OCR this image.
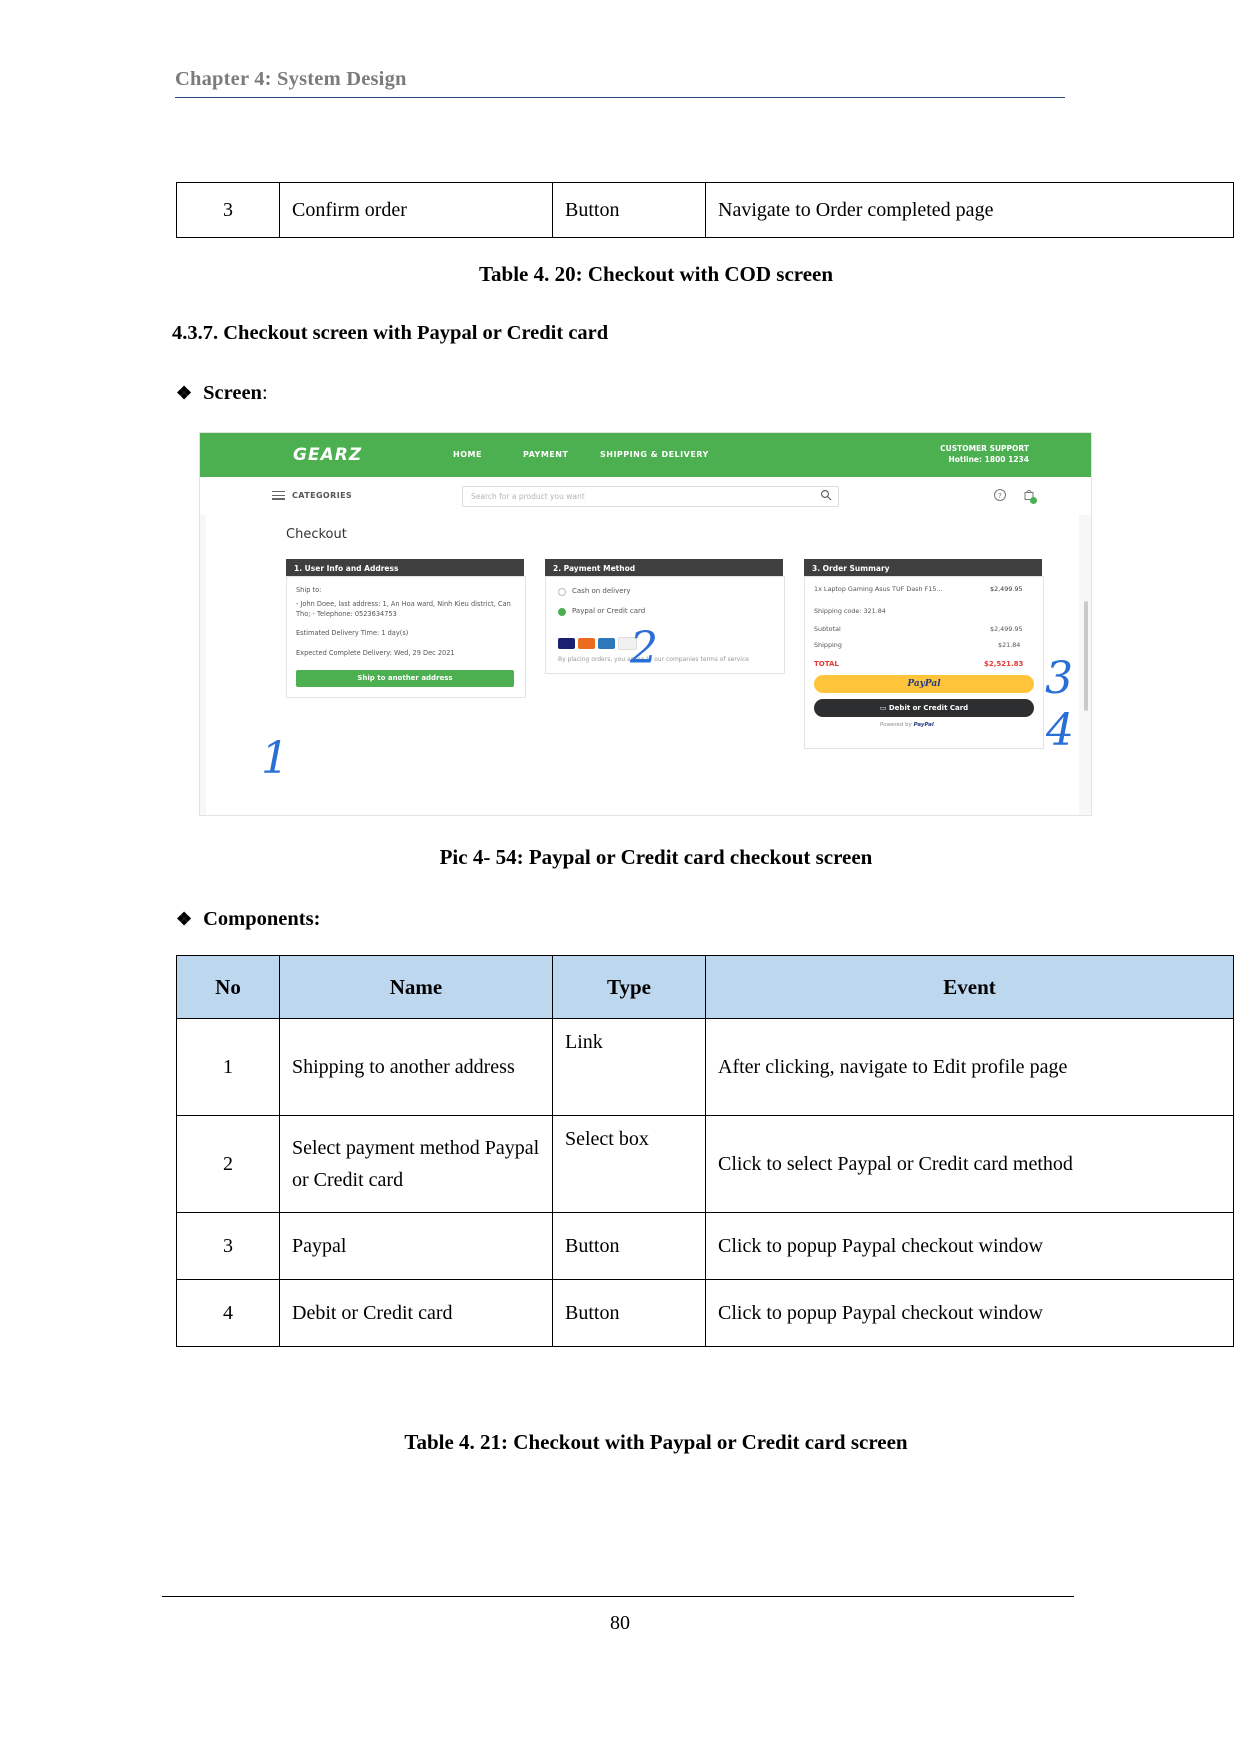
Chapter 4: System Design
3	Confirm order	Button	Navigate to Order completed page
Table 4. 20: Checkout with COD screen
4.3.7. Checkout screen with Paypal or Credit card
❖ Screen:
GEARZ	HOME	PAYMENT	SHIPPING & DELIVERY
CUSTOMER SUPPORT
Hotline: 1800 1234
CATEGORIES	Search for a product you want	?
Checkout
1. User Info and Address
Ship to:
- John Doee, last address: 1, An Hoa ward, Ninh Kieu district, Can Tho; - Telephone: 0523634753
Estimated Delivery Time: 1 day(s)
Expected Complete Delivery: Wed, 29 Dec 2021
Ship to another address
2. Payment Method
Cash on delivery
Paypal or Credit card
By placing orders, you agree to our companies terms of service
3. Order Summary
1x Laptop Gaming Asus TUF Dash F15...	$2,499.95
Shipping code: 321.84
Subtotal	$2,499.95
Shipping	$21.84
TOTAL	$2,521.83
PayPal
▭ Debit or Credit Card
Powered by PayPal
1
2
3
4
Pic 4- 54: Paypal or Credit card checkout screen
❖ Components:
No	Name	Type	Event
1	Shipping to another address	Link	After clicking, navigate to Edit profile page
2	Select payment method Paypal or Credit card	Select box	Click to select Paypal or Credit card method
3	Paypal	Button	Click to popup Paypal checkout window
4	Debit or Credit card	Button	Click to popup Paypal checkout window
Table 4. 21: Checkout with Paypal or Credit card screen
80
